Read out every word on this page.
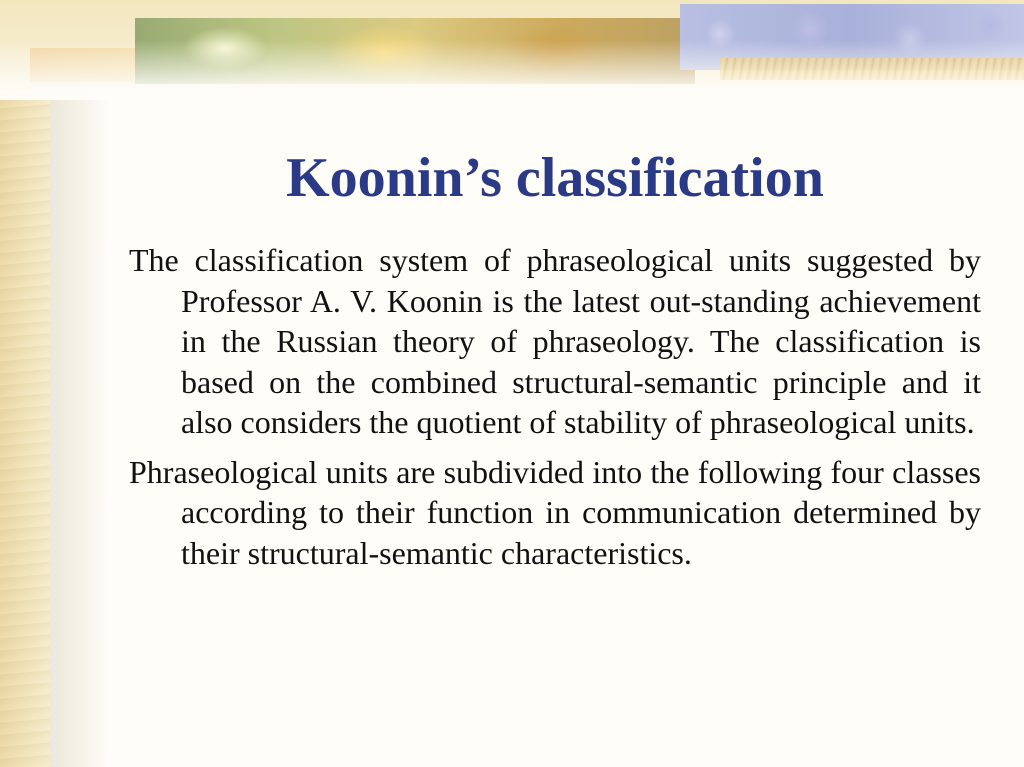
Koonin’s classification

The classification system of phraseological units suggested by Professor A. V. Koonin is the latest out-standing achievement in the Russian theory of phraseology. The classification is based on the combined structural-semantic principle and it also considers the quotient of stability of phraseological units.

Phraseological units are subdivided into the following four classes according to their function in communication determined by their structural-semantic characteristics.
